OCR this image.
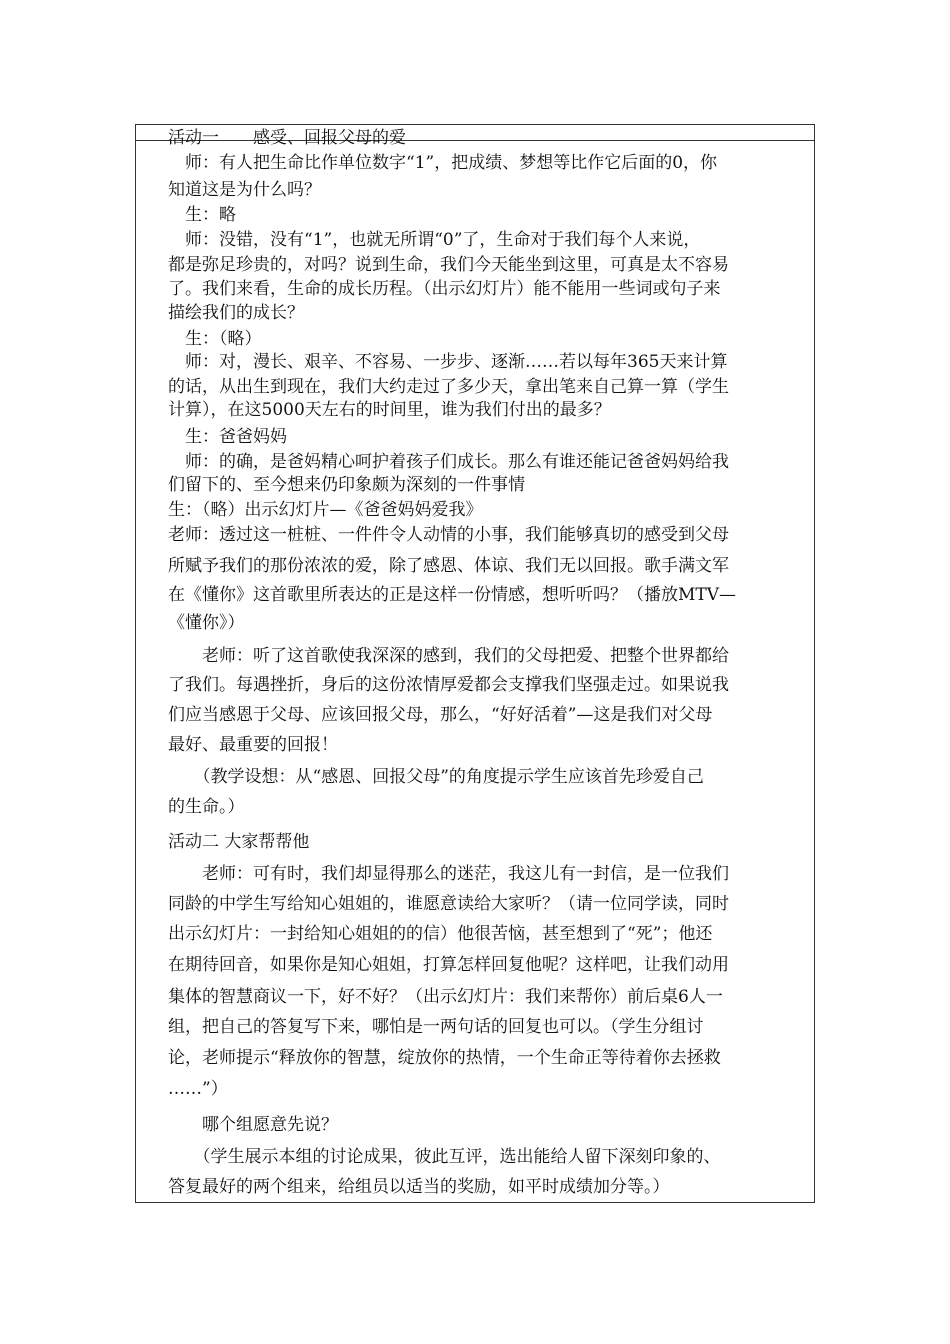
活动一　　感受、回报父母的爱
　师：有人把生命比作单位数字“1”，把成绩、梦想等比作它后面的0，你
知道这是为什么吗？
　生：略
　师：没错，没有“1”，也就无所谓“0”了，生命对于我们每个人来说，
都是弥足珍贵的，对吗？说到生命，我们今天能坐到这里，可真是太不容易
了。我们来看，生命的成长历程。（出示幻灯片）能不能用一些词或句子来
描绘我们的成长？
　生：（略）
　师：对，漫长、艰辛、不容易、一步步、逐渐……若以每年365天来计算
的话，从出生到现在，我们大约走过了多少天，拿出笔来自己算一算（学生
计算），在这5000天左右的时间里，谁为我们付出的最多？
　生：爸爸妈妈
　师：的确，是爸妈精心呵护着孩子们成长。那么有谁还能记爸爸妈妈给我
们留下的、至今想来仍印象颇为深刻的一件事情
生：（略）出示幻灯片—《爸爸妈妈爱我》
老师：透过这一桩桩、一件件令人动情的小事，我们能够真切的感受到父母
所赋予我们的那份浓浓的爱，除了感恩、体谅、我们无以回报。歌手满文军
在《懂你》这首歌里所表达的正是这样一份情感，想听听吗？（播放MTV—
《懂你》）
　　老师：听了这首歌使我深深的感到，我们的父母把爱、把整个世界都给
了我们。每遇挫折，身后的这份浓情厚爱都会支撑我们坚强走过。如果说我
们应当感恩于父母、应该回报父母，那么，“好好活着”—这是我们对父母
最好、最重要的回报！
　　（教学设想：从“感恩、回报父母”的角度提示学生应该首先珍爱自己
的生命。）
活动二 大家帮帮他
　　老师：可有时，我们却显得那么的迷茫，我这儿有一封信，是一位我们
同龄的中学生写给知心姐姐的，谁愿意读给大家听？（请一位同学读，同时
出示幻灯片：一封给知心姐姐的的信）他很苦恼，甚至想到了“死”；他还
在期待回音，如果你是知心姐姐，打算怎样回复他呢？这样吧，让我们动用
集体的智慧商议一下，好不好？（出示幻灯片：我们来帮你）前后桌6人一
组，把自己的答复写下来，哪怕是一两句话的回复也可以。（学生分组讨
论，老师提示“释放你的智慧，绽放你的热情，一个生命正等待着你去拯救
……”）
　　哪个组愿意先说？
　　（学生展示本组的讨论成果，彼此互评，选出能给人留下深刻印象的、
答复最好的两个组来，给组员以适当的奖励，如平时成绩加分等。）
